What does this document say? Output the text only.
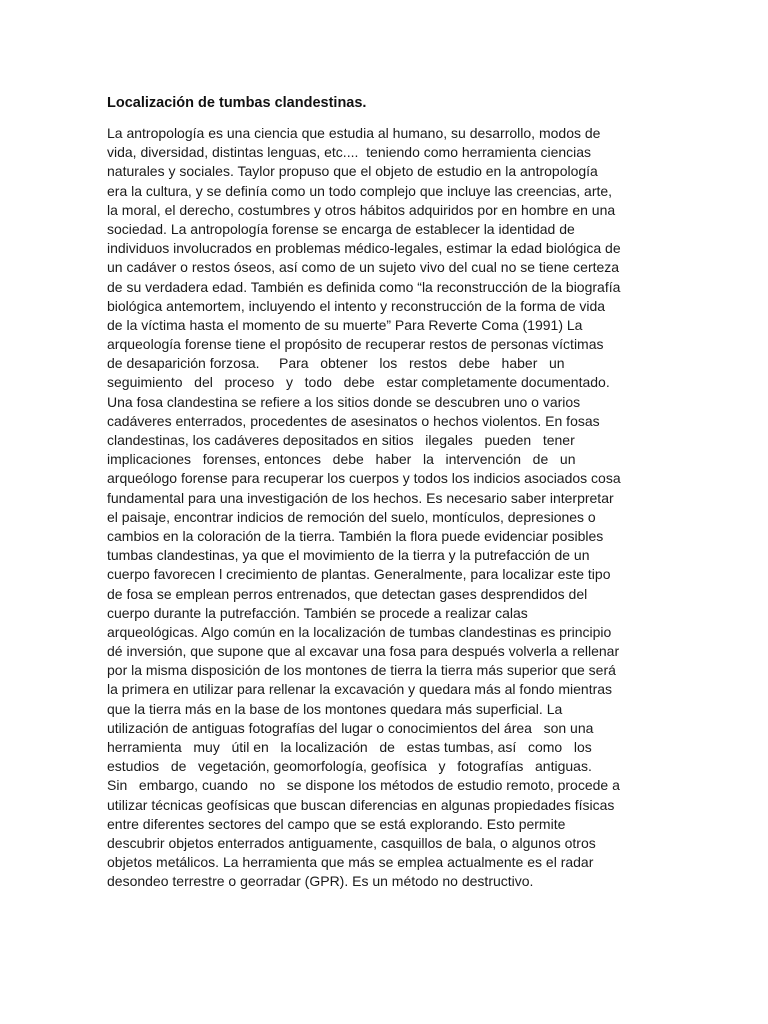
Localización de tumbas clandestinas.
La antropología es una ciencia que estudia al humano, su desarrollo, modos de
vida, diversidad, distintas lenguas, etc....  teniendo como herramienta ciencias
naturales y sociales. Taylor propuso que el objeto de estudio en la antropología
era la cultura, y se definía como un todo complejo que incluye las creencias, arte,
la moral, el derecho, costumbres y otros hábitos adquiridos por en hombre en una
sociedad. La antropología forense se encarga de establecer la identidad de
individuos involucrados en problemas médico-legales, estimar la edad biológica de
un cadáver o restos óseos, así como de un sujeto vivo del cual no se tiene certeza
de su verdadera edad. También es definida como “la reconstrucción de la biografía
biológica antemortem, incluyendo el intento y reconstrucción de la forma de vida
de la víctima hasta el momento de su muerte” Para Reverte Coma (1991) La
arqueología forense tiene el propósito de recuperar restos de personas víctimas
de desaparición forzosa.     Para   obtener   los   restos   debe   haber   un
seguimiento   del   proceso   y   todo   debe   estar completamente documentado.
Una fosa clandestina se refiere a los sitios donde se descubren uno o varios
cadáveres enterrados, procedentes de asesinatos o hechos violentos. En fosas
clandestinas, los cadáveres depositados en sitios   ilegales   pueden   tener
implicaciones   forenses, entonces   debe   haber   la   intervención   de   un
arqueólogo forense para recuperar los cuerpos y todos los indicios asociados cosa
fundamental para una investigación de los hechos. Es necesario saber interpretar
el paisaje, encontrar indicios de remoción del suelo, montículos, depresiones o
cambios en la coloración de la tierra. También la flora puede evidenciar posibles
tumbas clandestinas, ya que el movimiento de la tierra y la putrefacción de un
cuerpo favorecen l crecimiento de plantas. Generalmente, para localizar este tipo
de fosa se emplean perros entrenados, que detectan gases desprendidos del
cuerpo durante la putrefacción. También se procede a realizar calas
arqueológicas. Algo común en la localización de tumbas clandestinas es principio
dé inversión, que supone que al excavar una fosa para después volverla a rellenar
por la misma disposición de los montones de tierra la tierra más superior que será
la primera en utilizar para rellenar la excavación y quedara más al fondo mientras
que la tierra más en la base de los montones quedara más superficial. La
utilización de antiguas fotografías del lugar o conocimientos del área   son una
herramienta   muy   útil en   la localización   de   estas tumbas, así   como   los
estudios   de   vegetación, geomorfología, geofísica   y   fotografías   antiguas.
Sin   embargo, cuando   no   se dispone los métodos de estudio remoto, procede a
utilizar técnicas geofísicas que buscan diferencias en algunas propiedades físicas
entre diferentes sectores del campo que se está explorando. Esto permite
descubrir objetos enterrados antiguamente, casquillos de bala, o algunos otros
objetos metálicos. La herramienta que más se emplea actualmente es el radar
desondeo terrestre o georradar (GPR). Es un método no destructivo.
